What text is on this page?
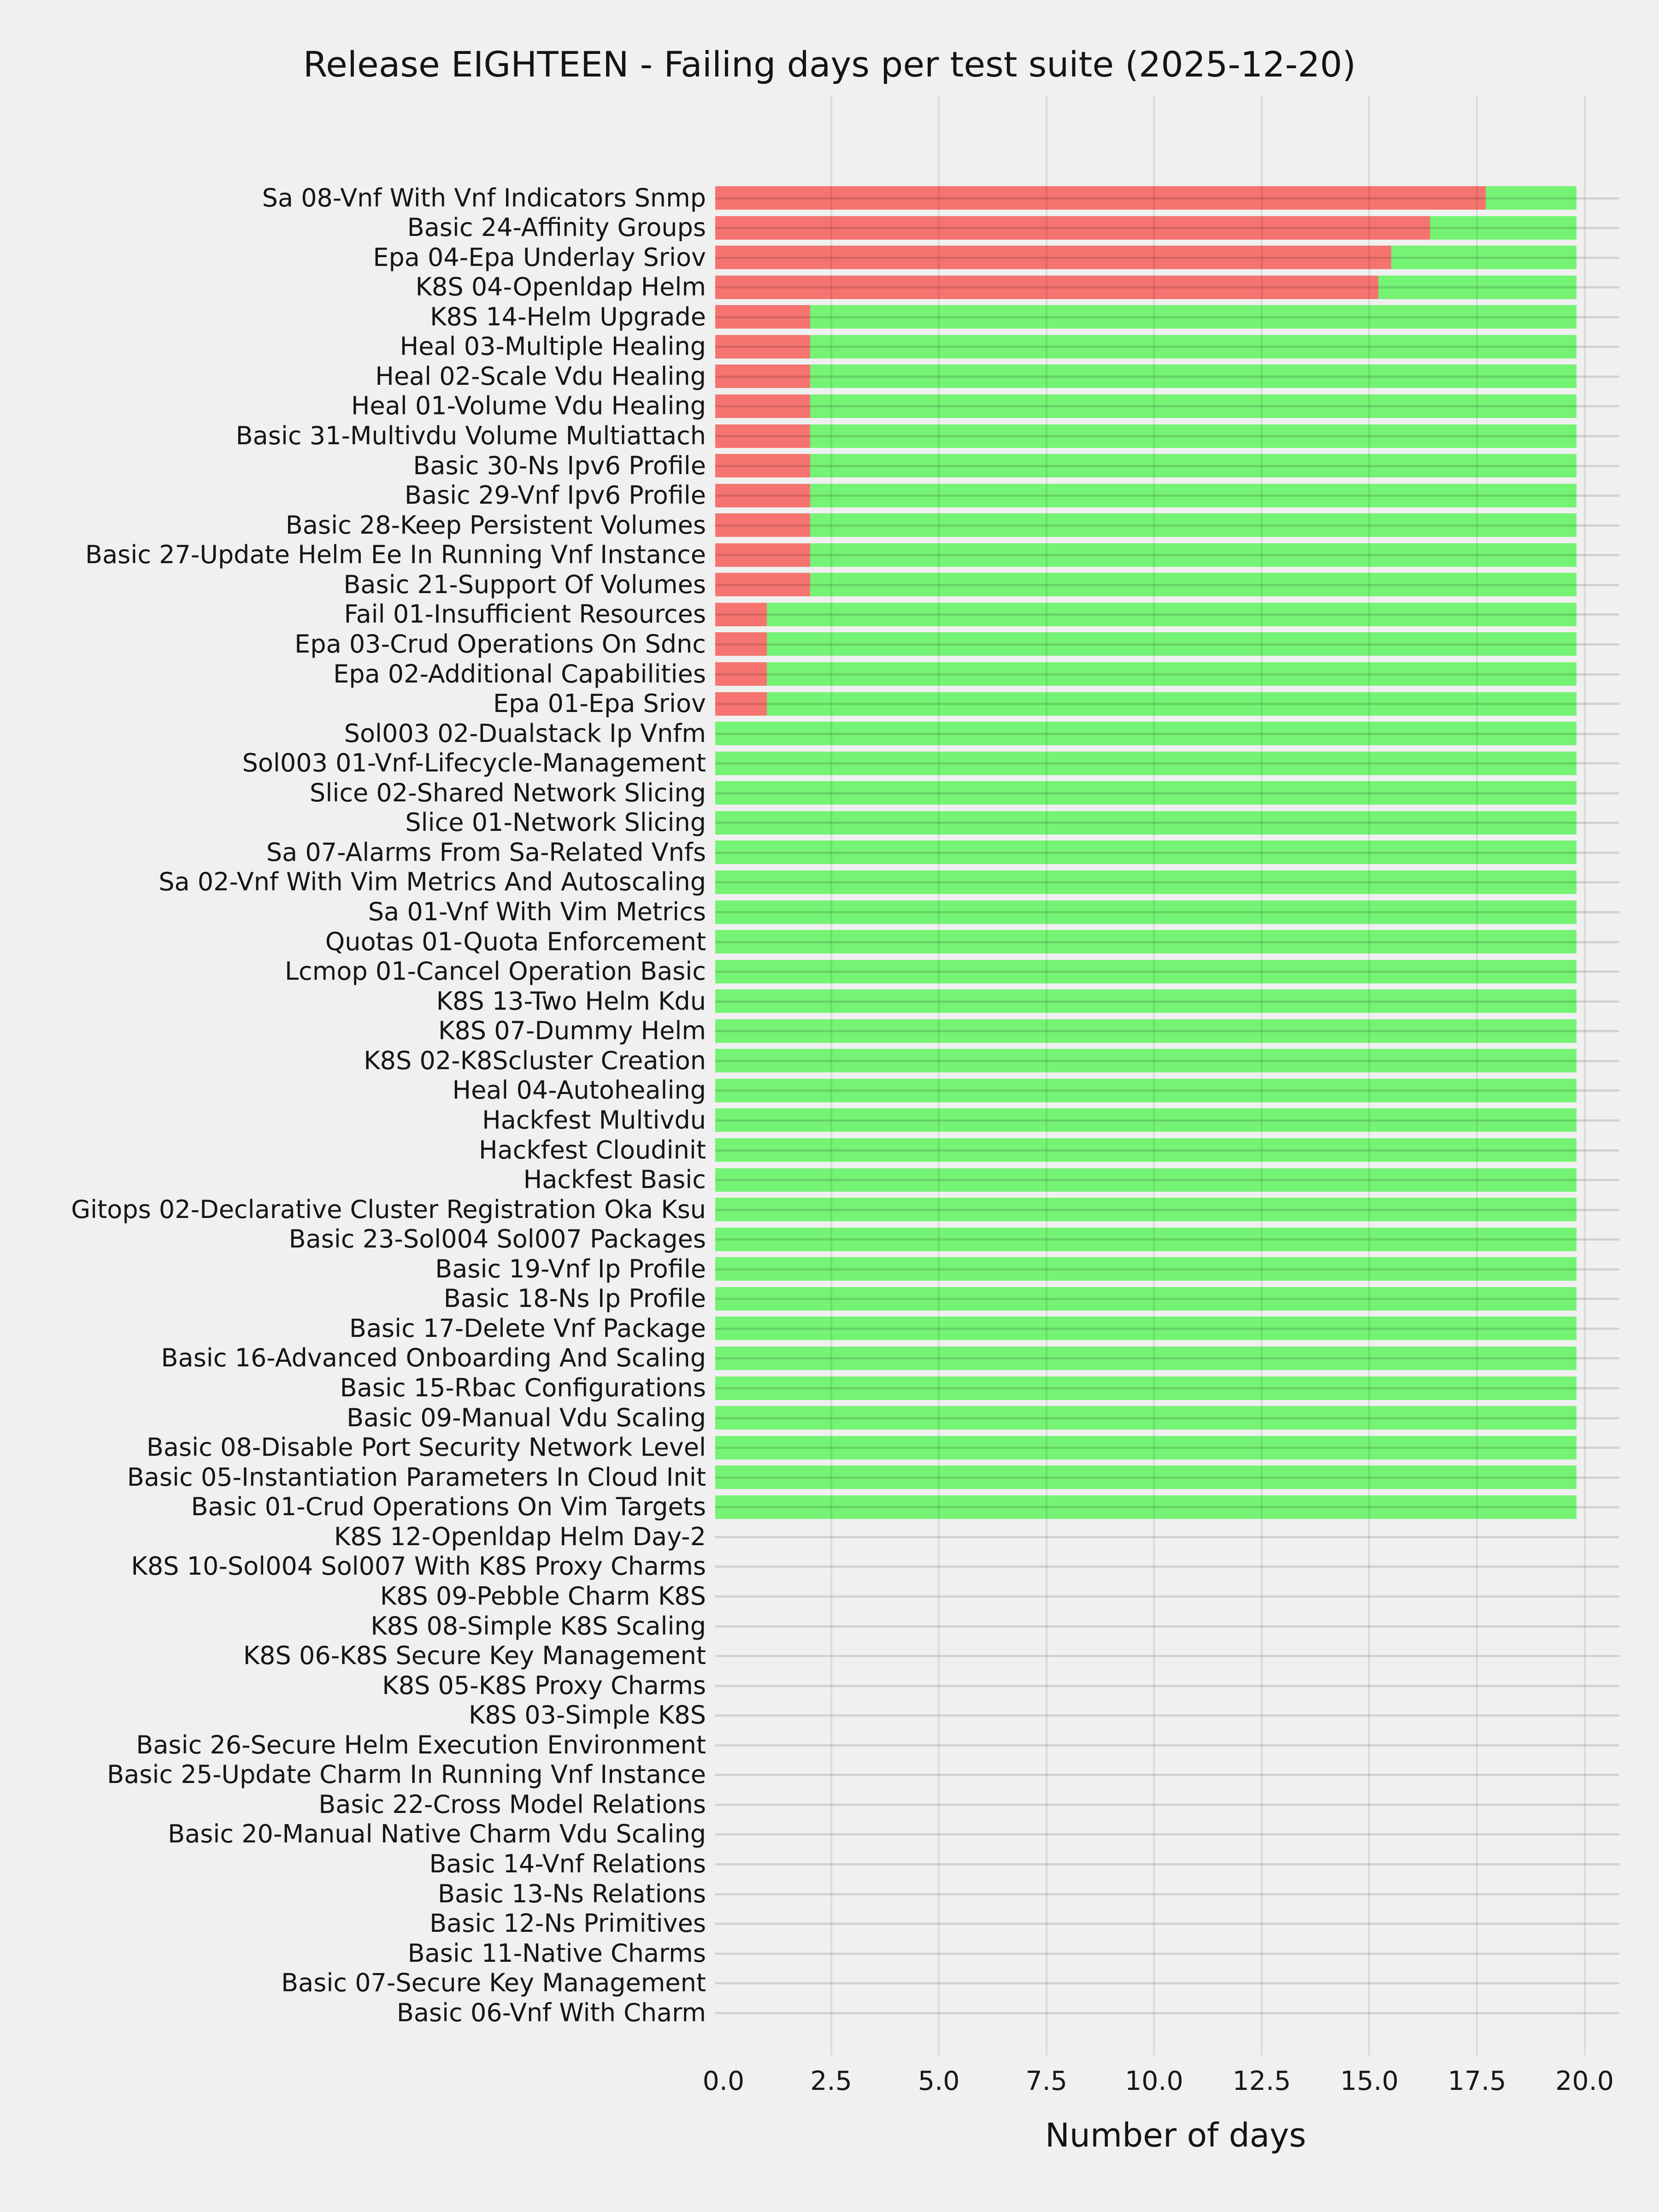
Release EIGHTEEN - Failing days per test suite (2025-12-20)
Sa 08-Vnf With Vnf Indicators Snmp
Basic 24-Affinity Groups
Epa 04-Epa Underlay Sriov
K8S 04-Openldap Helm
K8S 14-Helm Upgrade
Heal 03-Multiple Healing
Heal 02-Scale Vdu Healing
Heal 01-Volume Vdu Healing
Basic 31-Multivdu Volume Multiattach
Basic 30-Ns Ipv6 Profile
Basic 29-Vnf Ipv6 Profile
Basic 28-Keep Persistent Volumes
Basic 27-Update Helm Ee In Running Vnf Instance
Basic 21-Support Of Volumes
Fail 01-Insufficient Resources
Epa 03-Crud Operations On Sdnc
Epa 02-Additional Capabilities
Epa 01-Epa Sriov
Sol003 02-Dualstack Ip Vnfm
Sol003 01-Vnf-Lifecycle-Management
Slice 02-Shared Network Slicing
Slice 01-Network Slicing
Sa 07-Alarms From Sa-Related Vnfs
Sa 02-Vnf With Vim Metrics And Autoscaling
Sa 01-Vnf With Vim Metrics
Quotas 01-Quota Enforcement
Lcmop 01-Cancel Operation Basic
K8S 13-Two Helm Kdu
K8S 07-Dummy Helm
K8S 02-K8Scluster Creation
Heal 04-Autohealing
Hackfest Multivdu
Hackfest Cloudinit
Hackfest Basic
Gitops 02-Declarative Cluster Registration Oka Ksu
Basic 23-Sol004 Sol007 Packages
Basic 19-Vnf Ip Profile
Basic 18-Ns Ip Profile
Basic 17-Delete Vnf Package
Basic 16-Advanced Onboarding And Scaling
Basic 15-Rbac Configurations
Basic 09-Manual Vdu Scaling
Basic 08-Disable Port Security Network Level
Basic 05-Instantiation Parameters In Cloud Init
Basic 01-Crud Operations On Vim Targets
K8S 12-Openldap Helm Day-2
K8S 10-Sol004 Sol007 With K8S Proxy Charms
K8S 09-Pebble Charm K8S
K8S 08-Simple K8S Scaling
K8S 06-K8S Secure Key Management
K8S 05-K8S Proxy Charms
K8S 03-Simple K8S
Basic 26-Secure Helm Execution Environment
Basic 25-Update Charm In Running Vnf Instance
Basic 22-Cross Model Relations
Basic 20-Manual Native Charm Vdu Scaling
Basic 14-Vnf Relations
Basic 13-Ns Relations
Basic 12-Ns Primitives
Basic 11-Native Charms
Basic 07-Secure Key Management
Basic 06-Vnf With Charm
0.0	2.5	5.0	7.5 10.0 12.5 15.0 17.5 20.0
Number of days
